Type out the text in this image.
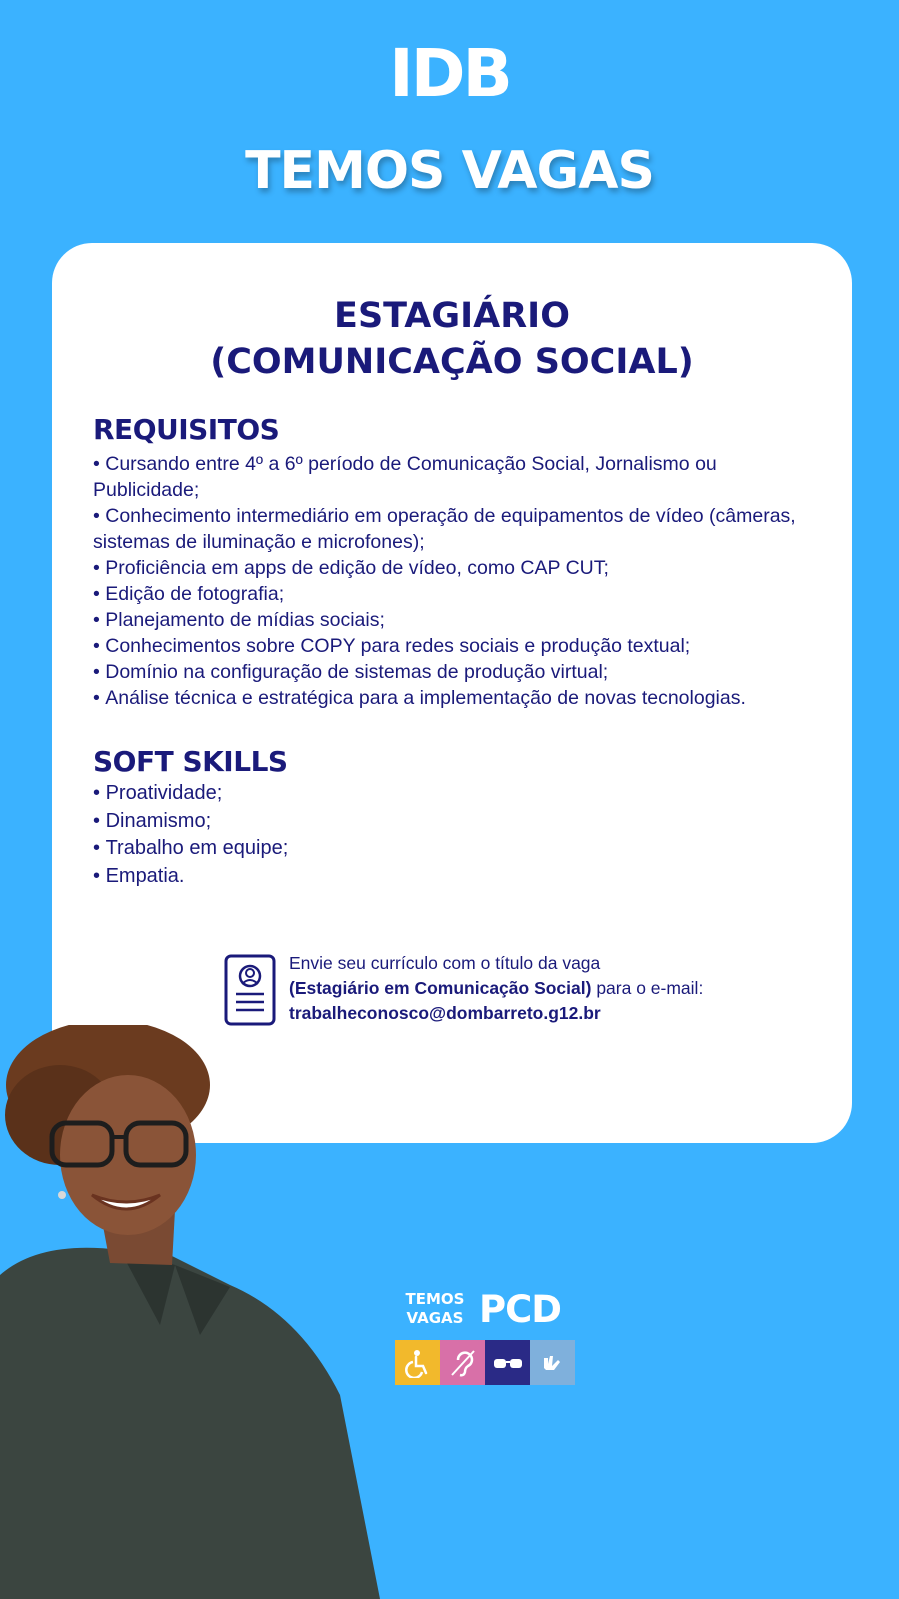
IDB
TEMOS VAGAS
ESTAGIÁRIO
(COMUNICAÇÃO SOCIAL)
REQUISITOS
• Cursando entre 4º a 6º período de Comunicação Social, Jornalismo ou Publicidade;
• Conhecimento intermediário em operação de equipamentos de vídeo (câmeras, sistemas de iluminação e microfones);
• Proficiência em apps de edição de vídeo, como CAP CUT;
• Edição de fotografia;
• Planejamento de mídias sociais;
• Conhecimentos sobre COPY para redes sociais e produção textual;
• Domínio na configuração de sistemas de produção virtual;
• Análise técnica e estratégica para a implementação de novas tecnologias.
SOFT SKILLS
• Proatividade;
• Dinamismo;
• Trabalho em equipe;
• Empatia.
Envie seu currículo com o título da vaga
(Estagiário em Comunicação Social) para o e-mail:
trabalheconosco@dombarreto.g12.br
TEMOS
VAGAS PCD
